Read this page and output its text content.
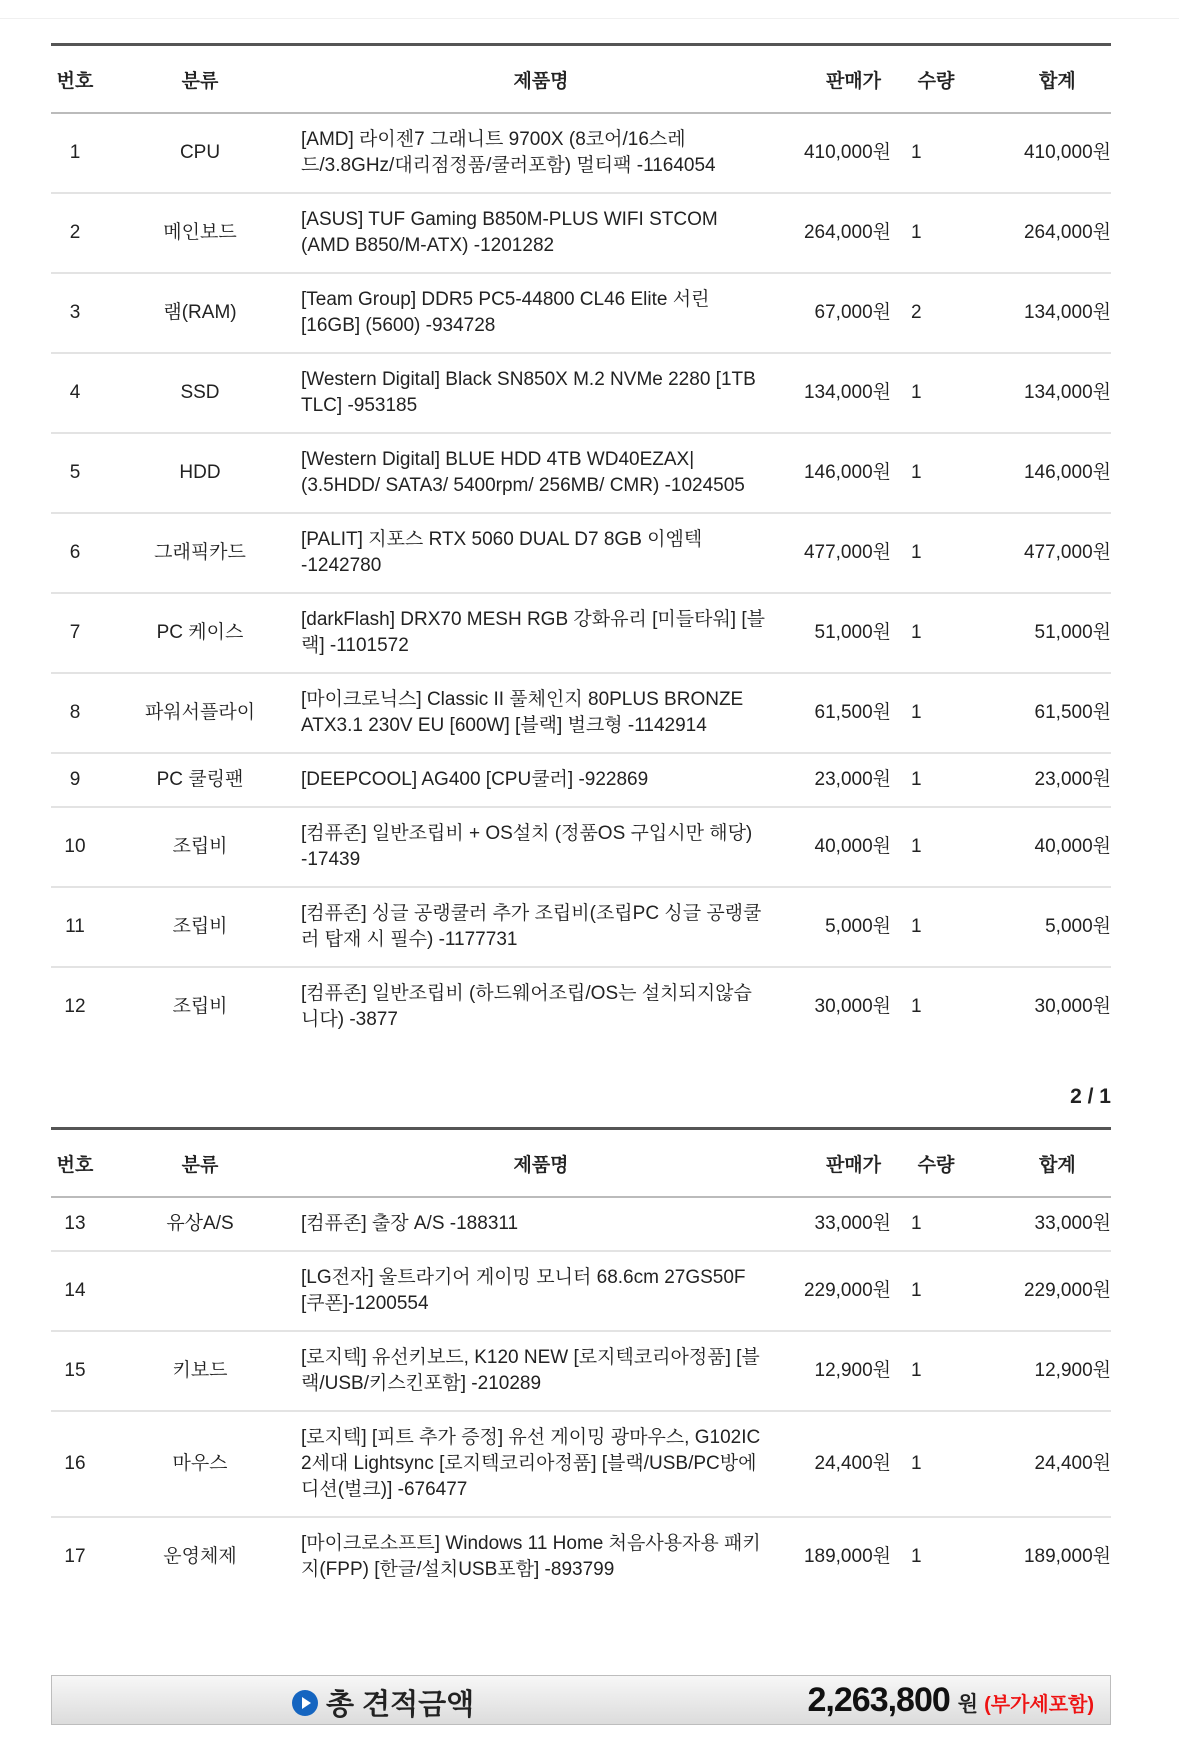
번호	분류	제품명	판매가	수량	합계
1	CPU	[AMD] 라이젠7 그래니트 9700X (8코어/16스레드/3.8GHz/대리점정품/쿨러포함) 멀티팩 -1164054	410,000원	1	410,000원
2	메인보드	[ASUS] TUF Gaming B850M-PLUS WIFI STCOM (AMD B850/M-ATX) -1201282	264,000원	1	264,000원
3	램(RAM)	[Team Group] DDR5 PC5-44800 CL46 Elite 서린 [16GB] (5600) -934728	67,000원	2	134,000원
4	SSD	[Western Digital] Black SN850X M.2 NVMe 2280 [1TB TLC] -953185	134,000원	1	134,000원
5	HDD	[Western Digital] BLUE HDD 4TB WD40EZAX| (3.5HDD/ SATA3/ 5400rpm/ 256MB/ CMR) -1024505	146,000원	1	146,000원
6	그래픽카드	[PALIT] 지포스 RTX 5060 DUAL D7 8GB 이엠텍 -1242780	477,000원	1	477,000원
7	PC 케이스	[darkFlash] DRX70 MESH RGB 강화유리 [미들타워] [블랙] -1101572	51,000원	1	51,000원
8	파워서플라이	[마이크로닉스] Classic II 풀체인지 80PLUS BRONZE ATX3.1 230V EU [600W] [블랙] 벌크형 -1142914	61,500원	1	61,500원
9	PC 쿨링팬	[DEEPCOOL] AG400 [CPU쿨러] -922869	23,000원	1	23,000원
10	조립비	[컴퓨존] 일반조립비 + OS설치 (정품OS 구입시만 해당) -17439	40,000원	1	40,000원
11	조립비	[컴퓨존] 싱글 공랭쿨러 추가 조립비(조립PC 싱글 공랭쿨러 탑재 시 필수) -1177731	5,000원	1	5,000원
12	조립비	[컴퓨존] 일반조립비 (하드웨어조립/OS는 설치되지않습니다) -3877	30,000원	1	30,000원
2 / 1
번호	분류	제품명	판매가	수량	합계
13	유상A/S	[컴퓨존] 출장 A/S -188311	33,000원	1	33,000원
14		[LG전자] 울트라기어 게이밍 모니터 68.6cm 27GS50F [쿠폰]-1200554	229,000원	1	229,000원
15	키보드	[로지텍] 유선키보드, K120 NEW [로지텍코리아정품] [블랙/USB/키스킨포함] -210289	12,900원	1	12,900원
16	마우스	[로지텍] [피트 추가 증정] 유선 게이밍 광마우스, G102IC 2세대 Lightsync [로지텍코리아정품] [블랙/USB/PC방에디션(벌크)] -676477	24,400원	1	24,400원
17	운영체제	[마이크로소프트] Windows 11 Home 처음사용자용 패키지(FPP) [한글/설치USB포함] -893799	189,000원	1	189,000원
총 견적금액	2,263,800 원 (부가세포함)
